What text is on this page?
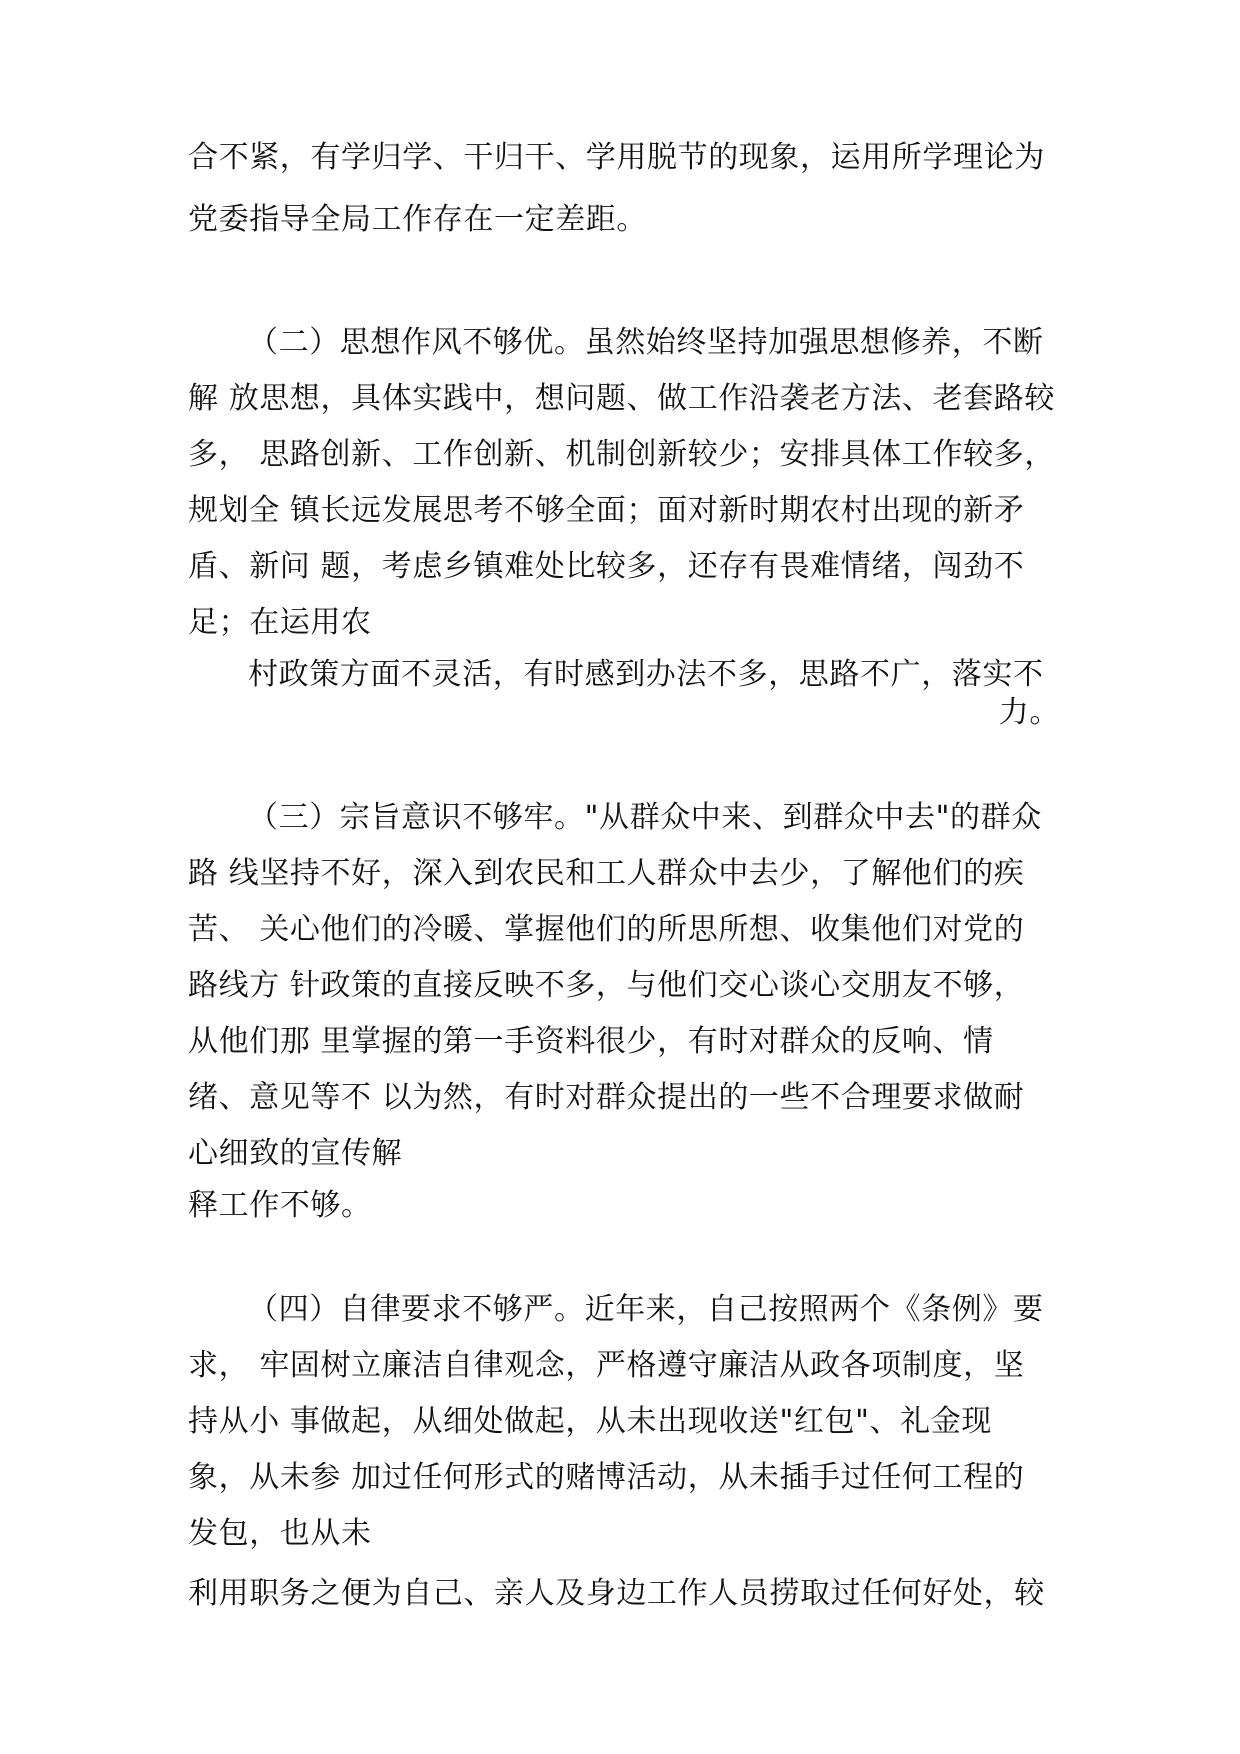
合不紧，有学归学、干归干、学用脱节的现象，运用所学理论为
党委指导全局工作存在一定差距。
（二）思想作风不够优。虽然始终坚持加强思想修养，不断
解 放思想，具体实践中，想问题、做工作沿袭老方法、老套路较
多， 思路创新、工作创新、机制创新较少；安排具体工作较多，
规划全 镇长远发展思考不够全面；面对新时期农村出现的新矛
盾、新问 题，考虑乡镇难处比较多，还存有畏难情绪，闯劲不
足；在运用农
村政策方面不灵活，有时感到办法不多，思路不广，落实不
力。
（三）宗旨意识不够牢。"从群众中来、到群众中去"的群众
路 线坚持不好，深入到农民和工人群众中去少，了解他们的疾
苦、 关心他们的冷暖、掌握他们的所思所想、收集他们对党的
路线方 针政策的直接反映不多，与他们交心谈心交朋友不够，
从他们那 里掌握的第一手资料很少，有时对群众的反响、情
绪、意见等不 以为然，有时对群众提出的一些不合理要求做耐
心细致的宣传解
释工作不够。
（四）自律要求不够严。近年来，自己按照两个《条例》要
求， 牢固树立廉洁自律观念，严格遵守廉洁从政各项制度，坚
持从小 事做起，从细处做起，从未出现收送"红包"、礼金现
象，从未参 加过任何形式的赌博活动，从未插手过任何工程的
发包，也从未
利用职务之便为自己、亲人及身边工作人员捞取过任何好处，较
